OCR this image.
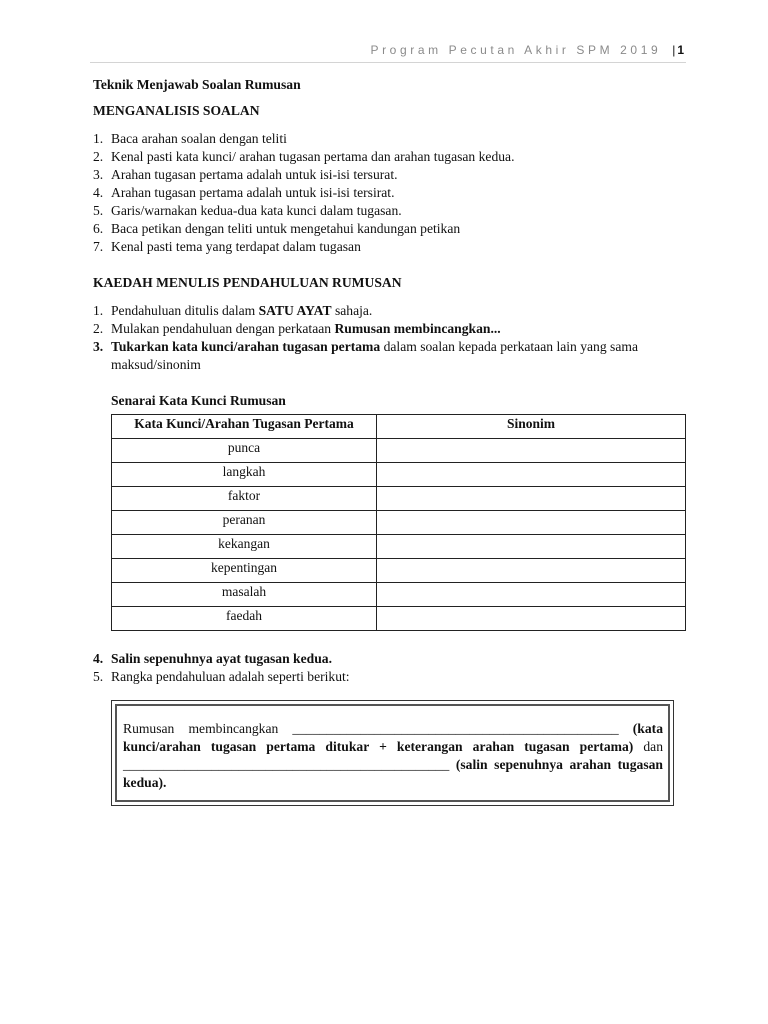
Program Pecutan Akhir SPM 2019 | 1

Teknik Menjawab Soalan Rumusan

MENGANALISIS SOALAN

1. Baca arahan soalan dengan teliti
2. Kenal pasti kata kunci/ arahan tugasan pertama dan arahan tugasan kedua.
3. Arahan tugasan pertama adalah untuk isi-isi tersurat.
4. Arahan tugasan pertama adalah untuk isi-isi tersirat.
5. Garis/warnakan kedua-dua kata kunci dalam tugasan.
6. Baca petikan dengan teliti untuk mengetahui kandungan petikan
7. Kenal pasti tema yang terdapat dalam tugasan

KAEDAH MENULIS PENDAHULUAN RUMUSAN

1. Pendahuluan ditulis dalam SATU AYAT sahaja.
2. Mulakan pendahuluan dengan perkataan Rumusan membincangkan...
3. Tukarkan kata kunci/arahan tugasan pertama dalam soalan kepada perkataan lain yang sama maksud/sinonim

Senarai Kata Kunci Rumusan

Kata Kunci/Arahan Tugasan Pertama	Sinonim
punca	
langkah	
faktor	
peranan	
kekangan	
kepentingan	
masalah	
faedah	
4. Salin sepenuhnya ayat tugasan kedua.
5. Rangka pendahuluan adalah seperti berikut:
Rumusan membincangkan ________________________________________________ (kata kunci/arahan tugasan pertama ditukar + keterangan arahan tugasan pertama) dan ________________________________________________ (salin sepenuhnya arahan tugasan kedua).
